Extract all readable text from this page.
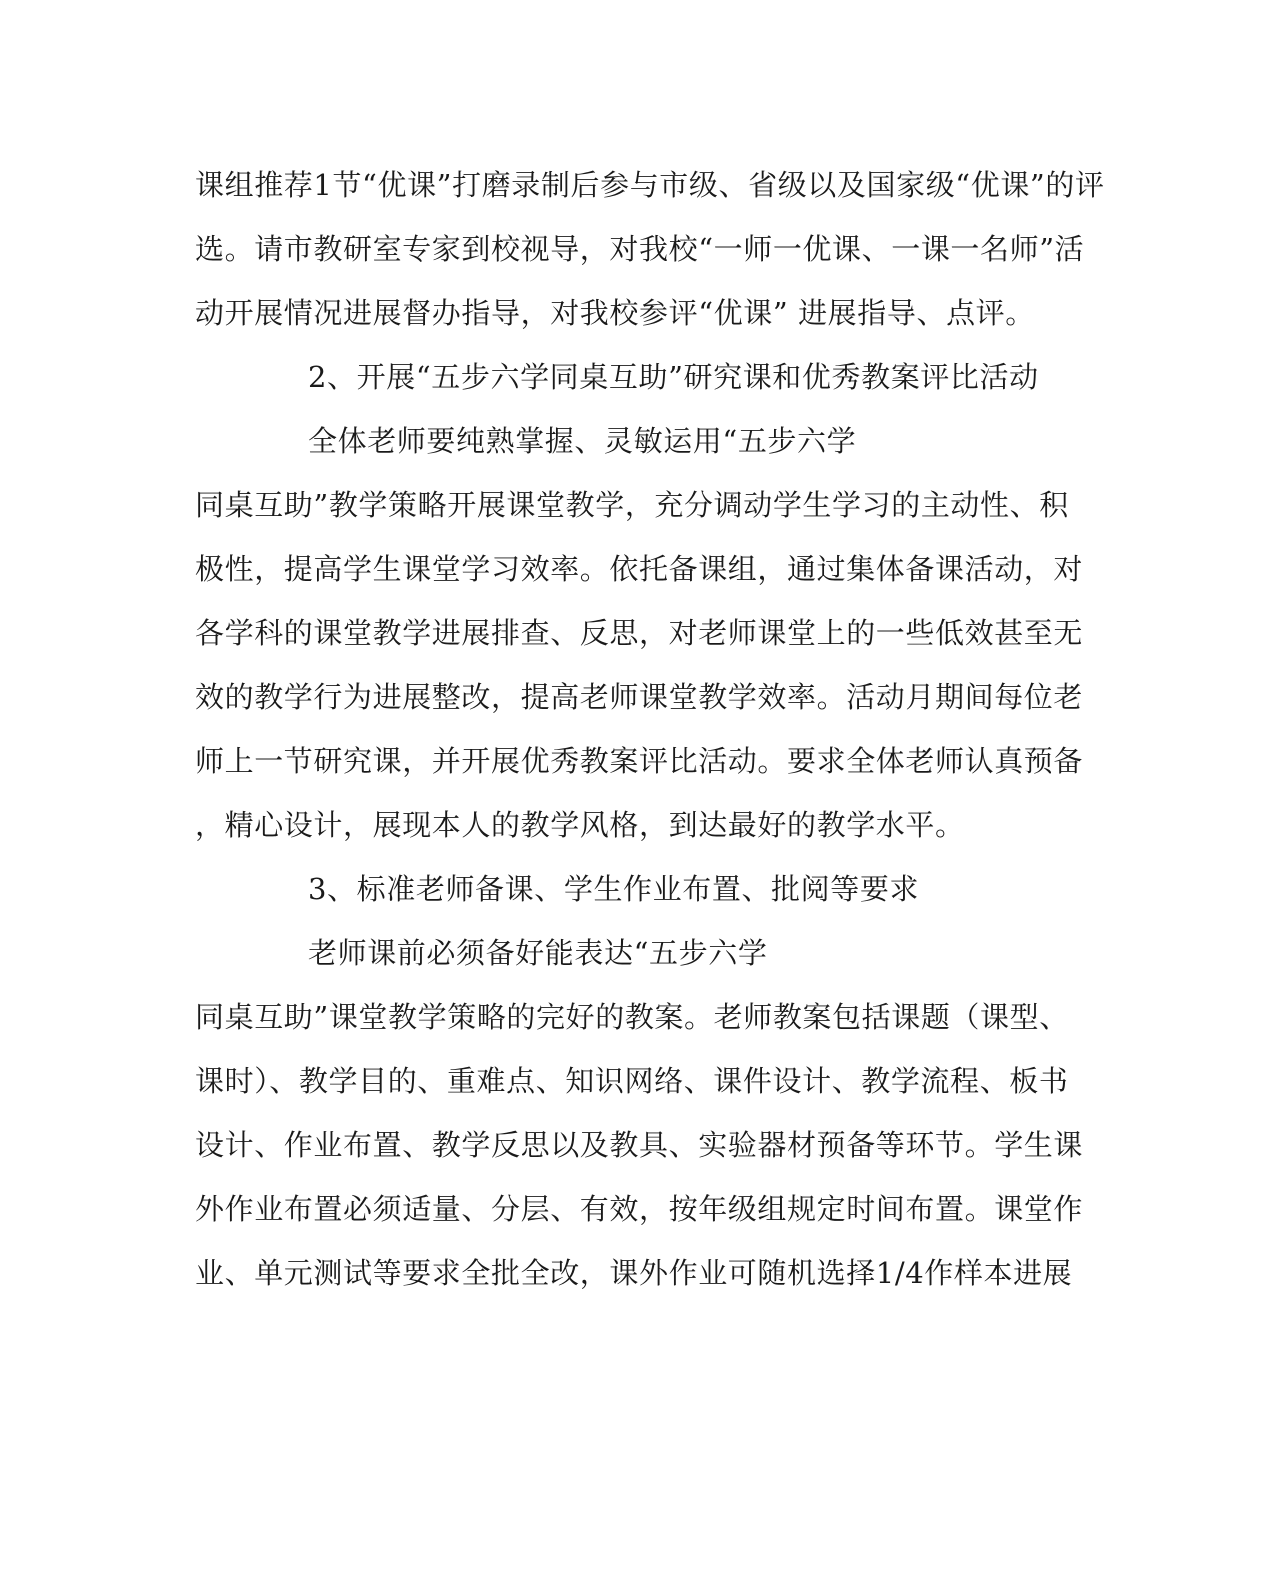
课组推荐1节“优课”打磨录制后参与市级、省级以及国家级“优课”的评
选。请市教研室专家到校视导，对我校“一师一优课、一课一名师”活
动开展情况进展督办指导，对我校参评“优课” 进展指导、点评。
2、开展“五步六学同桌互助”研究课和优秀教案评比活动
全体老师要纯熟掌握、灵敏运用“五步六学
同桌互助”教学策略开展课堂教学，充分调动学生学习的主动性、积
极性，提高学生课堂学习效率。依托备课组，通过集体备课活动，对
各学科的课堂教学进展排查、反思，对老师课堂上的一些低效甚至无
效的教学行为进展整改，提高老师课堂教学效率。活动月期间每位老
师上一节研究课，并开展优秀教案评比活动。要求全体老师认真预备
，精心设计，展现本人的教学风格，到达最好的教学水平。
3、标准老师备课、学生作业布置、批阅等要求
老师课前必须备好能表达“五步六学
同桌互助”课堂教学策略的完好的教案。老师教案包括课题（课型、
课时）、教学目的、重难点、知识网络、课件设计、教学流程、板书
设计、作业布置、教学反思以及教具、实验器材预备等环节。学生课
外作业布置必须适量、分层、有效，按年级组规定时间布置。课堂作
业、单元测试等要求全批全改，课外作业可随机选择1/4作样本进展
